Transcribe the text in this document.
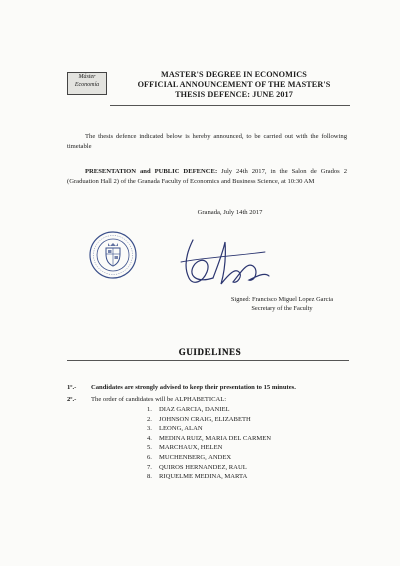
Máster
Economía
MASTER'S DEGREE IN ECONOMICS
OFFICIAL ANNOUNCEMENT OF THE MASTER'S
THESIS DEFENCE: JUNE 2017
The thesis defence indicated below is hereby announced, to be carried out with the following timetable
PRESENTATION and PUBLIC DEFENCE: July 24th 2017, in the Salon de Grados 2 (Graduation Hall 2) of the Granada Faculty of Economics and Business Science, at 10:30 AM
Granada, July 14th 2017
Signed: Francisco Miguel Lopez Garcia
Secretary of the Faculty
GUIDELINES
1º.- Candidates are strongly advised to keep their presentation to 15 minutes.
2º.- The order of candidates will be ALPHABETICAL:
1. DIAZ GARCIA, DANIEL
2. JOHNSON CRAIG, ELIZABETH
3. LEONG, ALAN
4. MEDINA RUIZ, MARIA DEL CARMEN
5. MARCHAUX, HELEN
6. MUCHENBERG, ANDEX
7. QUIROS HERNANDEZ, RAUL
8. RIQUELME MEDINA, MARTA
